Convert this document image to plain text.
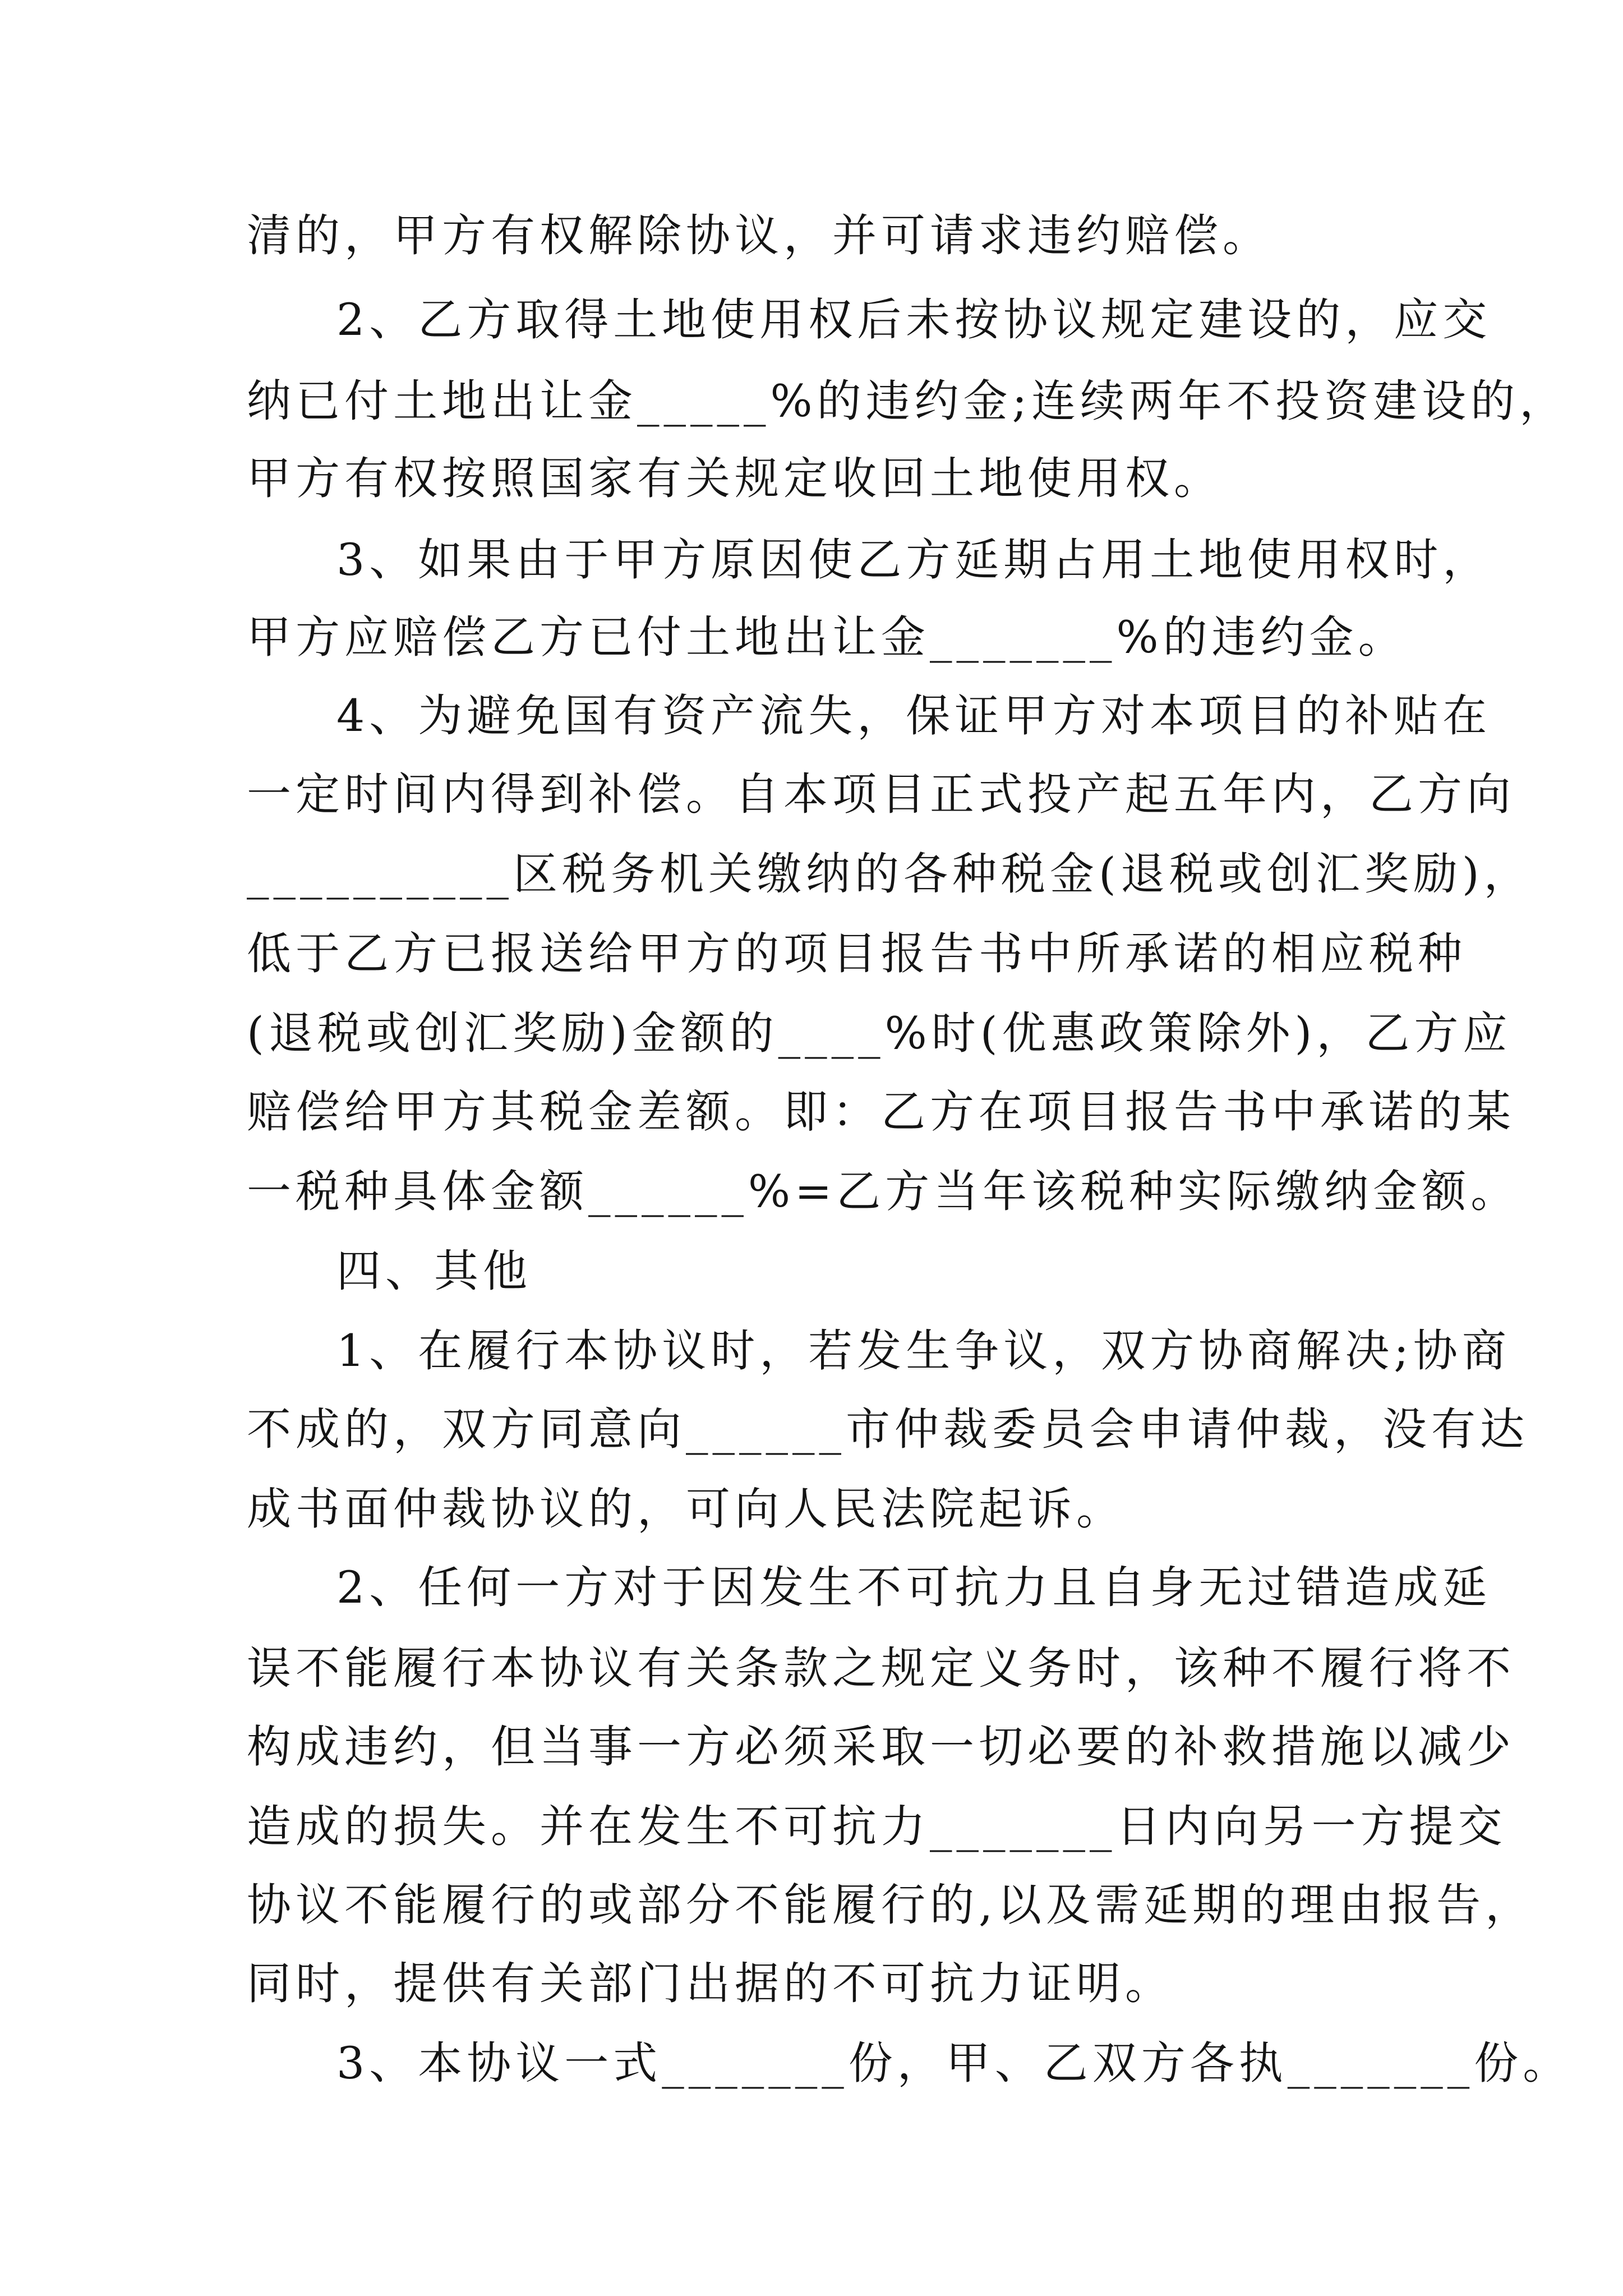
清的，甲方有权解除协议，并可请求违约赔偿。
2、乙方取得土地使用权后未按协议规定建设的，应交
纳已付土地出让金_____%的违约金;连续两年不投资建设的，
甲方有权按照国家有关规定收回土地使用权。
3、如果由于甲方原因使乙方延期占用土地使用权时，
甲方应赔偿乙方已付土地出让金_______%的违约金。
4、为避免国有资产流失，保证甲方对本项目的补贴在
一定时间内得到补偿。自本项目正式投产起五年内，乙方向
__________区税务机关缴纳的各种税金(退税或创汇奖励)，
低于乙方已报送给甲方的项目报告书中所承诺的相应税种
(退税或创汇奖励)金额的____%时(优惠政策除外)，乙方应
赔偿给甲方其税金差额。即：乙方在项目报告书中承诺的某
一税种具体金额______%=乙方当年该税种实际缴纳金额。
四、其他
1、在履行本协议时，若发生争议，双方协商解决;协商
不成的，双方同意向______市仲裁委员会申请仲裁，没有达
成书面仲裁协议的，可向人民法院起诉。
2、任何一方对于因发生不可抗力且自身无过错造成延
误不能履行本协议有关条款之规定义务时，该种不履行将不
构成违约，但当事一方必须采取一切必要的补救措施以减少
造成的损失。并在发生不可抗力_______日内向另一方提交
协议不能履行的或部分不能履行的,以及需延期的理由报告，
同时，提供有关部门出据的不可抗力证明。
3、本协议一式_______份，甲、乙双方各执_______份。
